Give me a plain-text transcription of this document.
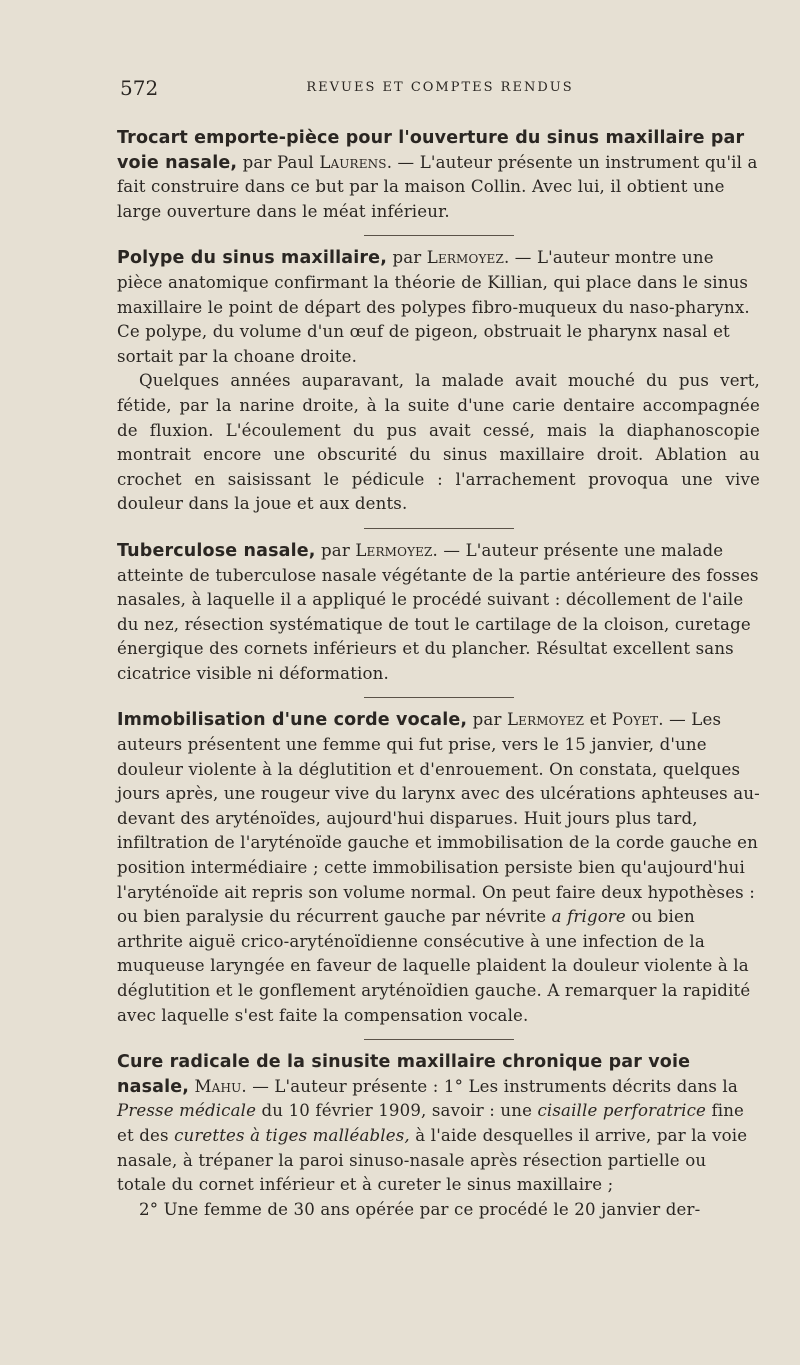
572	REVUES ET COMPTES RENDUS

Trocart emporte-pièce pour l'ouverture du sinus maxillaire par voie nasale, par Paul Laurens. — L'auteur présente un instrument qu'il a fait construire dans ce but par la maison Collin. Avec lui, il obtient une large ouverture dans le méat inférieur.

Polype du sinus maxillaire, par Lermoyez. — L'auteur montre une pièce anatomique confirmant la théorie de Killian, qui place dans le sinus maxillaire le point de départ des polypes fibro-muqueux du naso-pharynx. Ce polype, du volume d'un œuf de pigeon, obstruait le pharynx nasal et sortait par la choane droite.

Quelques années auparavant, la malade avait mouché du pus vert, fétide, par la narine droite, à la suite d'une carie dentaire accompagnée de fluxion. L'écoulement du pus avait cessé, mais la diaphanoscopie montrait encore une obscurité du sinus maxillaire droit. Ablation au crochet en saisissant le pédicule : l'arrachement provoqua une vive douleur dans la joue et aux dents.

Tuberculose nasale, par Lermoyez. — L'auteur présente une malade atteinte de tuberculose nasale végétante de la partie antérieure des fosses nasales, à laquelle il a appliqué le procédé suivant : décollement de l'aile du nez, résection systématique de tout le cartilage de la cloison, curetage énergique des cornets inférieurs et du plancher. Résultat excellent sans cicatrice visible ni déformation.

Immobilisation d'une corde vocale, par Lermoyez et Poyet. — Les auteurs présentent une femme qui fut prise, vers le 15 janvier, d'une douleur violente à la déglutition et d'enrouement. On constata, quelques jours après, une rougeur vive du larynx avec des ulcérations aphteuses au-devant des aryténoïdes, aujourd'hui disparues. Huit jours plus tard, infiltration de l'aryténoïde gauche et immobilisation de la corde gauche en position intermédiaire ; cette immobilisation persiste bien qu'aujourd'hui l'aryténoïde ait repris son volume normal. On peut faire deux hypothèses : ou bien paralysie du récurrent gauche par névrite a frigore ou bien arthrite aiguë crico-aryténoïdienne consécutive à une infection de la muqueuse laryngée en faveur de laquelle plaident la douleur violente à la déglutition et le gonflement aryténoïdien gauche. A remarquer la rapidité avec laquelle s'est faite la compensation vocale.

Cure radicale de la sinusite maxillaire chronique par voie nasale, Mahu. — L'auteur présente : 1° Les instruments décrits dans la Presse médicale du 10 février 1909, savoir : une cisaille perforatrice fine et des curettes à tiges malléables, à l'aide desquelles il arrive, par la voie nasale, à trépaner la paroi sinuso-nasale après résection partielle ou totale du cornet inférieur et à cureter le sinus maxillaire ;

2° Une femme de 30 ans opérée par ce procédé le 20 janvier der-
